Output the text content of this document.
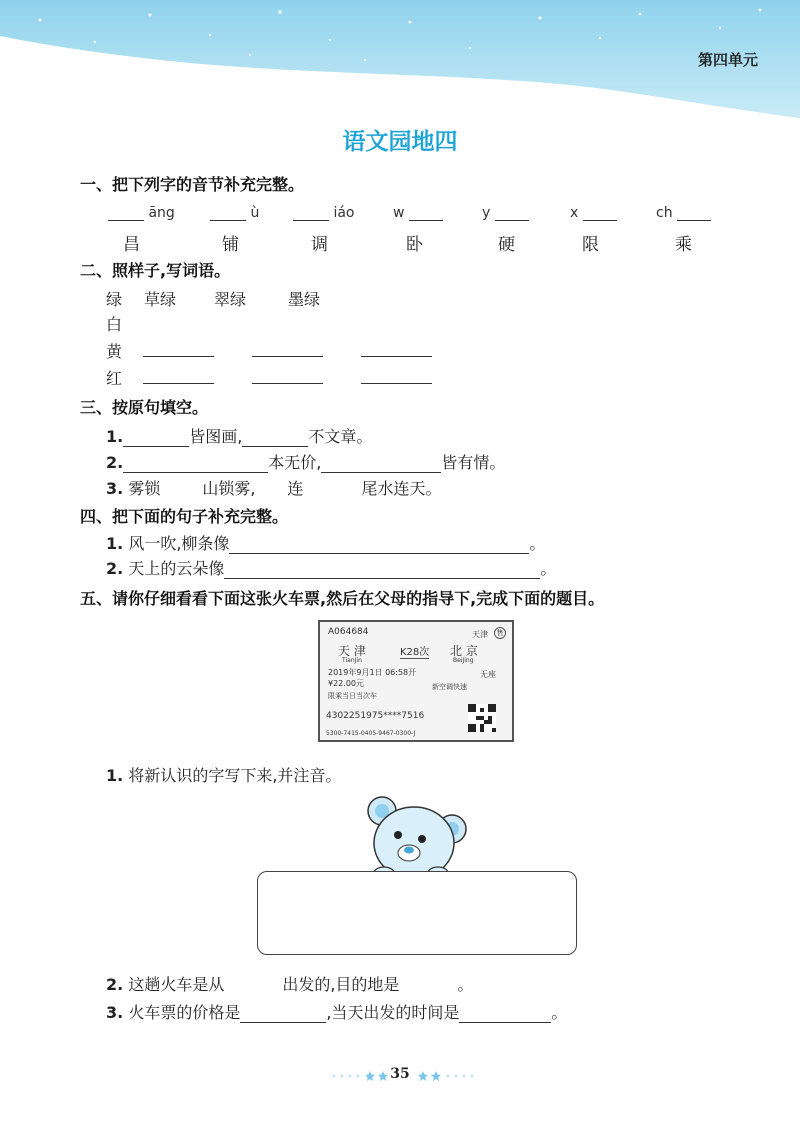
第四单元
语文园地四
一、把下列字的音节补充完整。
āng	ù	iáo	w	y	x	ch
昌	铺	调	卧	硬	限	乘
二、照样子,写词语。
绿 草绿 翠绿	墨绿
白
黄
红
三、按原句填空。
1.	皆图画,	不文章。
2.	本无价,	皆有情。
3. 雾锁	山锁雾, 连	尾水连天。
四、把下面的句子补充完整。
1. 风一吹,柳条像	。
2. 天上的云朵像	。
五、请你仔细看看下面这张火车票,然后在父母的指导下,完成下面的题目。
A064684	天津	售
天 津
TianJin
K28次 北 京
BeiJing
2019年9月1日 06:58开	无座
¥22.00元	新空调快速
限乘当日当次车
4302251975****7516
5300-7415-0405-9467-0300-J
1. 将新认识的字写下来,并注音。
2. 这趟火车是从	出发的,目的地是	。
3. 火车票的价格是	,当天出发的时间是	。
35
